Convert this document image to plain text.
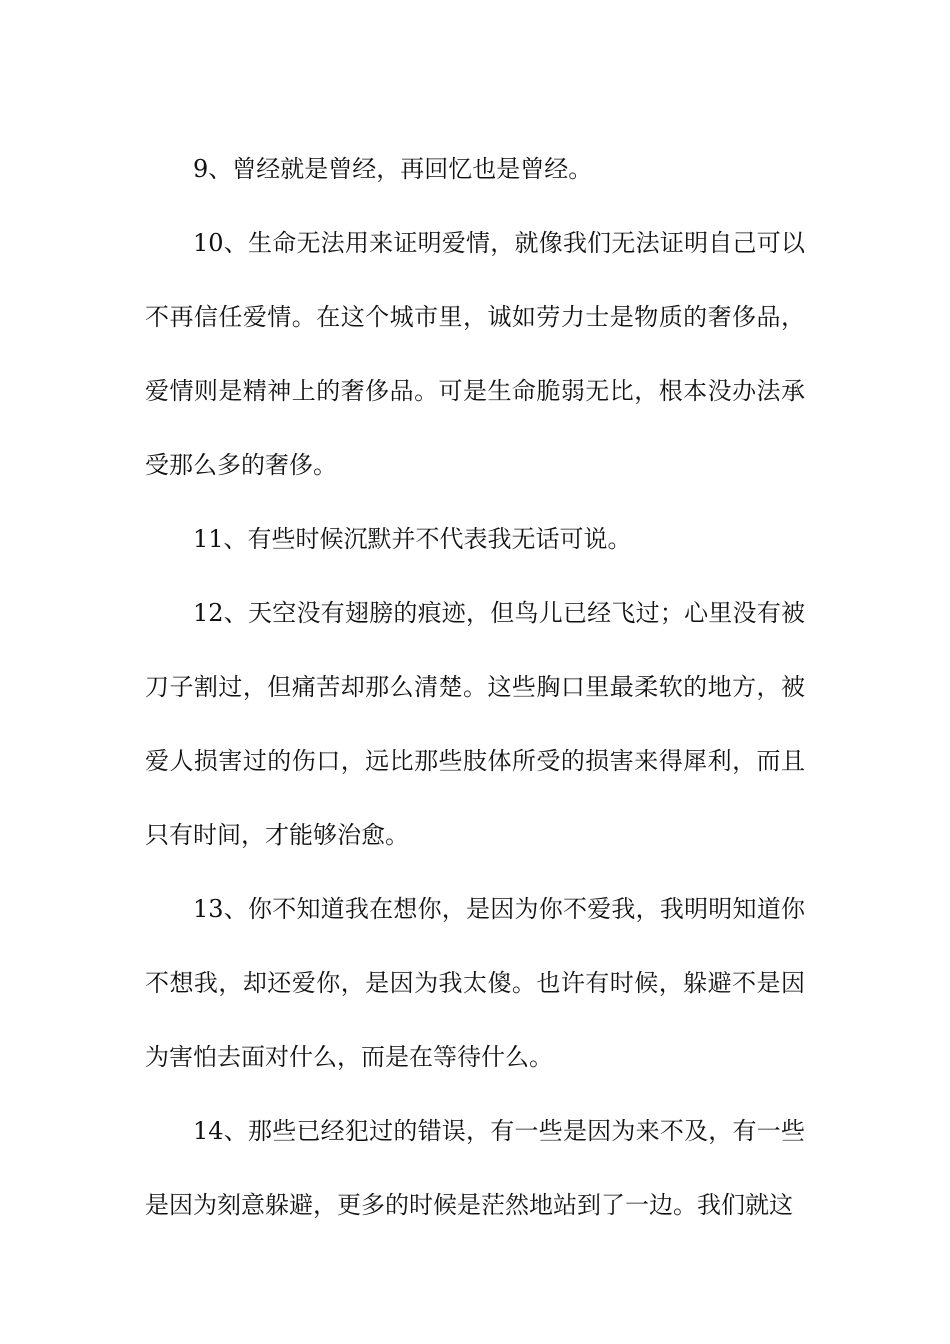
9、曾经就是曾经，再回忆也是曾经。

10、生命无法用来证明爱情，就像我们无法证明自己可以不再信任爱情。在这个城市里，诚如劳力士是物质的奢侈品，爱情则是精神上的奢侈品。可是生命脆弱无比，根本没办法承受那么多的奢侈。

11、有些时候沉默并不代表我无话可说。

12、天空没有翅膀的痕迹，但鸟儿已经飞过；心里没有被刀子割过，但痛苦却那么清楚。这些胸口里最柔软的地方，被爱人损害过的伤口，远比那些肢体所受的损害来得犀利，而且只有时间，才能够治愈。

13、你不知道我在想你，是因为你不爱我，我明明知道你不想我，却还爱你，是因为我太傻。也许有时候，躲避不是因为害怕去面对什么，而是在等待什么。

14、那些已经犯过的错误，有一些是因为来不及，有一些是因为刻意躲避，更多的时候是茫然地站到了一边。我们就这
